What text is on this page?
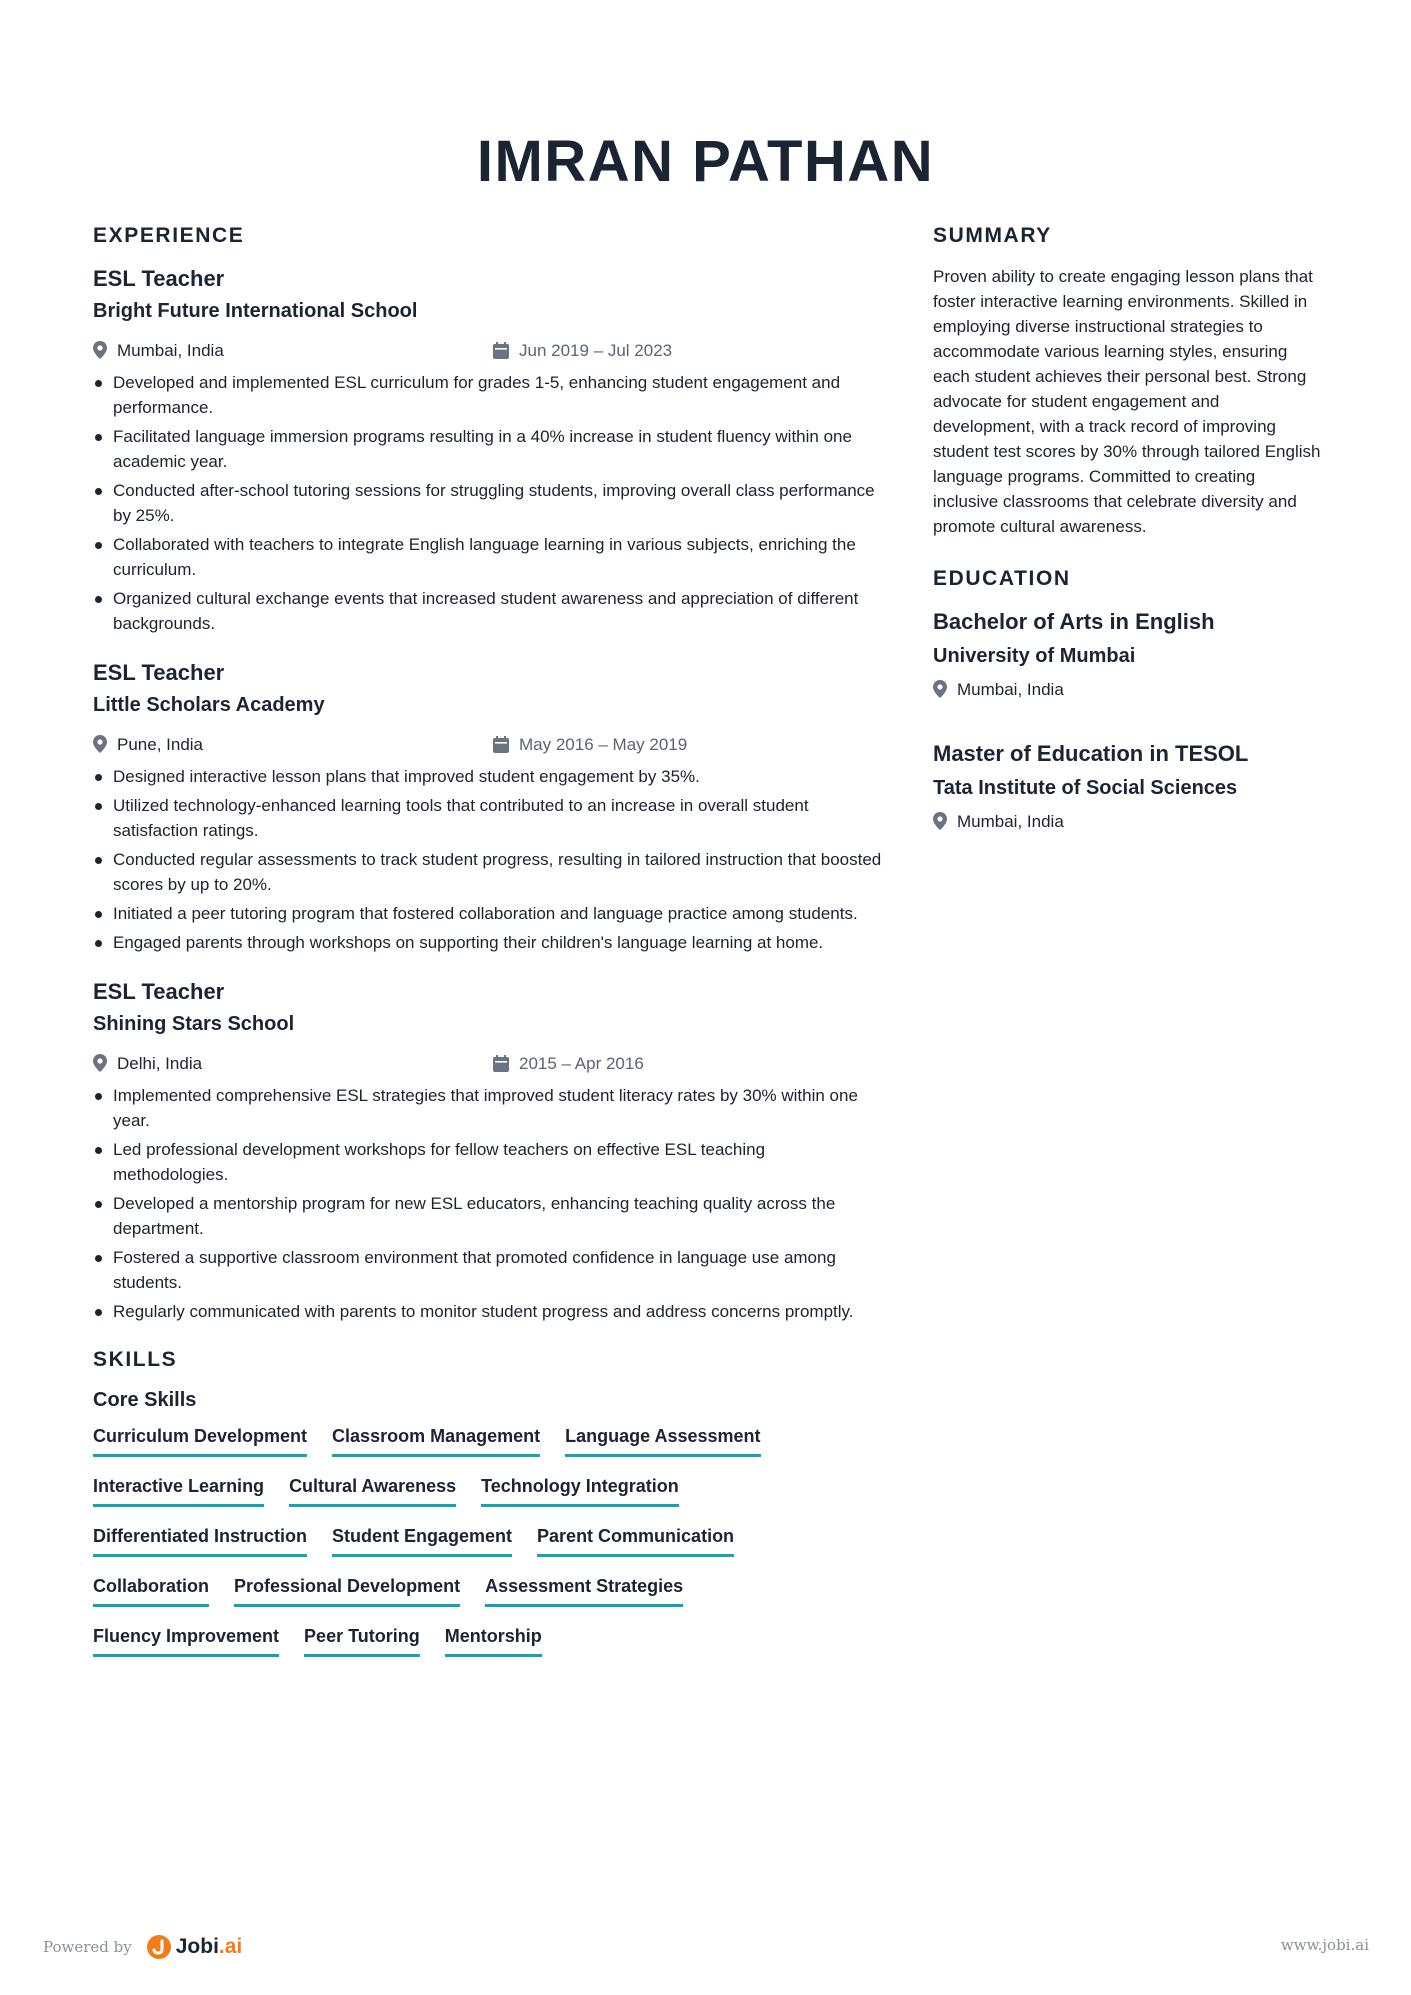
IMRAN PATHAN
EXPERIENCE
ESL Teacher
Bright Future International School
Mumbai, India	Jun 2019 – Jul 2023
Developed and implemented ESL curriculum for grades 1-5, enhancing student engagement and performance.
Facilitated language immersion programs resulting in a 40% increase in student fluency within one academic year.
Conducted after-school tutoring sessions for struggling students, improving overall class performance by 25%.
Collaborated with teachers to integrate English language learning in various subjects, enriching the curriculum.
Organized cultural exchange events that increased student awareness and appreciation of different backgrounds.
ESL Teacher
Little Scholars Academy
Pune, India	May 2016 – May 2019
Designed interactive lesson plans that improved student engagement by 35%.
Utilized technology-enhanced learning tools that contributed to an increase in overall student satisfaction ratings.
Conducted regular assessments to track student progress, resulting in tailored instruction that boosted scores by up to 20%.
Initiated a peer tutoring program that fostered collaboration and language practice among students.
Engaged parents through workshops on supporting their children's language learning at home.
ESL Teacher
Shining Stars School
Delhi, India	2015 – Apr 2016
Implemented comprehensive ESL strategies that improved student literacy rates by 30% within one year.
Led professional development workshops for fellow teachers on effective ESL teaching methodologies.
Developed a mentorship program for new ESL educators, enhancing teaching quality across the department.
Fostered a supportive classroom environment that promoted confidence in language use among students.
Regularly communicated with parents to monitor student progress and address concerns promptly.
SKILLS
Core Skills
Curriculum Development Classroom Management Language Assessment
Interactive Learning Cultural Awareness Technology Integration
Differentiated Instruction Student Engagement Parent Communication
Collaboration Professional Development Assessment Strategies
Fluency Improvement Peer Tutoring Mentorship
SUMMARY
Proven ability to create engaging lesson plans that foster interactive learning environments. Skilled in employing diverse instructional strategies to accommodate various learning styles, ensuring each student achieves their personal best. Strong advocate for student engagement and development, with a track record of improving student test scores by 30% through tailored English language programs. Committed to creating inclusive classrooms that celebrate diversity and promote cultural awareness.
EDUCATION
Bachelor of Arts in English
University of Mumbai
Mumbai, India
Master of Education in TESOL
Tata Institute of Social Sciences
Mumbai, India
Powered by Jobi .ai	www.jobi.ai
